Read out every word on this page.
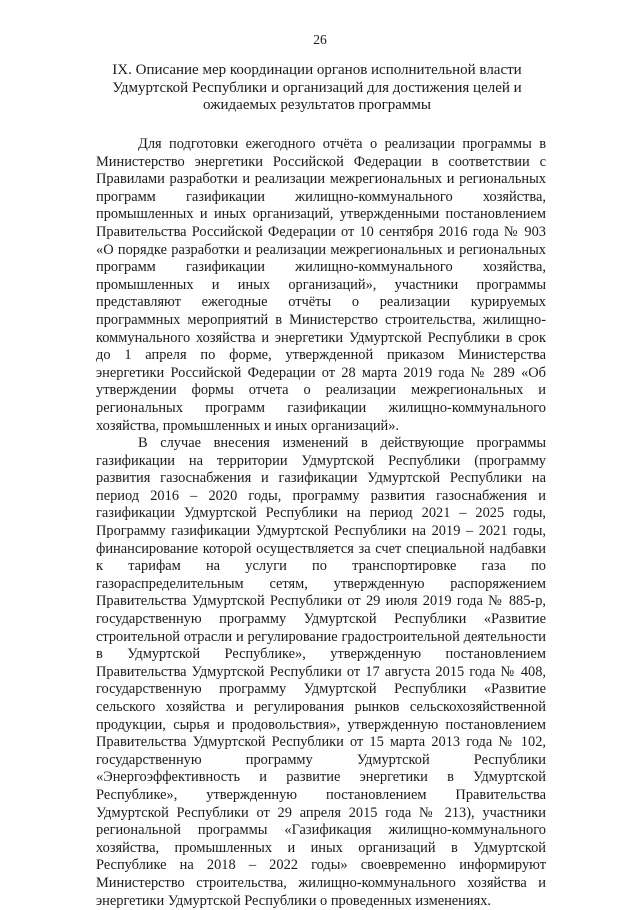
26
IX. Описание мер координации органов исполнительной власти Удмуртской Республики и организаций для достижения целей и ожидаемых результатов программы

Для подготовки ежегодного отчёта о реализации программы в Министерство энергетики Российской Федерации в соответствии с Правилами разработки и реализации межрегиональных и региональных программ газификации жилищно-коммунального хозяйства, промышленных и иных организаций, утвержденными постановлением Правительства Российской Федерации от 10 сентября 2016 года № 903 «О порядке разработки и реализации межрегиональных и региональных программ газификации жилищно-коммунального хозяйства, промышленных и иных организаций», участники программы представляют ежегодные отчёты о реализации курируемых программных мероприятий в Министерство строительства, жилищно-коммунального хозяйства и энергетики Удмуртской Республики в срок до 1 апреля по форме, утвержденной приказом Министерства энергетики Российской Федерации от 28 марта 2019 года № 289 «Об утверждении формы отчета о реализации межрегиональных и региональных программ газификации жилищно-коммунального хозяйства, промышленных и иных организаций».

В случае внесения изменений в действующие программы газификации на территории Удмуртской Республики (программу развития газоснабжения и газификации Удмуртской Республики на период 2016 – 2020 годы, программу развития газоснабжения и газификации Удмуртской Республики на период 2021 – 2025 годы, Программу газификации Удмуртской Республики на 2019 – 2021 годы, финансирование которой осуществляется за счет специальной надбавки к тарифам на услуги по транспортировке газа по газораспределительным сетям, утвержденную распоряжением Правительства Удмуртской Республики от 29 июля 2019 года № 885-р, государственную программу Удмуртской Республики «Развитие строительной отрасли и регулирование градостроительной деятельности в Удмуртской Республике», утвержденную постановлением Правительства Удмуртской Республики от 17 августа 2015 года № 408, государственную программу Удмуртской Республики «Развитие сельского хозяйства и регулирования рынков сельскохозяйственной продукции, сырья и продовольствия», утвержденную постановлением Правительства Удмуртской Республики от 15 марта 2013 года № 102, государственную программу Удмуртской Республики «Энергоэффективность и развитие энергетики в Удмуртской Республике», утвержденную постановлением Правительства Удмуртской Республики от 29 апреля 2015 года № 213), участники региональной программы «Газификация жилищно-коммунального хозяйства, промышленных и иных организаций в Удмуртской Республике на 2018 – 2022 годы» своевременно информируют Министерство строительства, жилищно-коммунального хозяйства и энергетики Удмуртской Республики о проведенных изменениях.
